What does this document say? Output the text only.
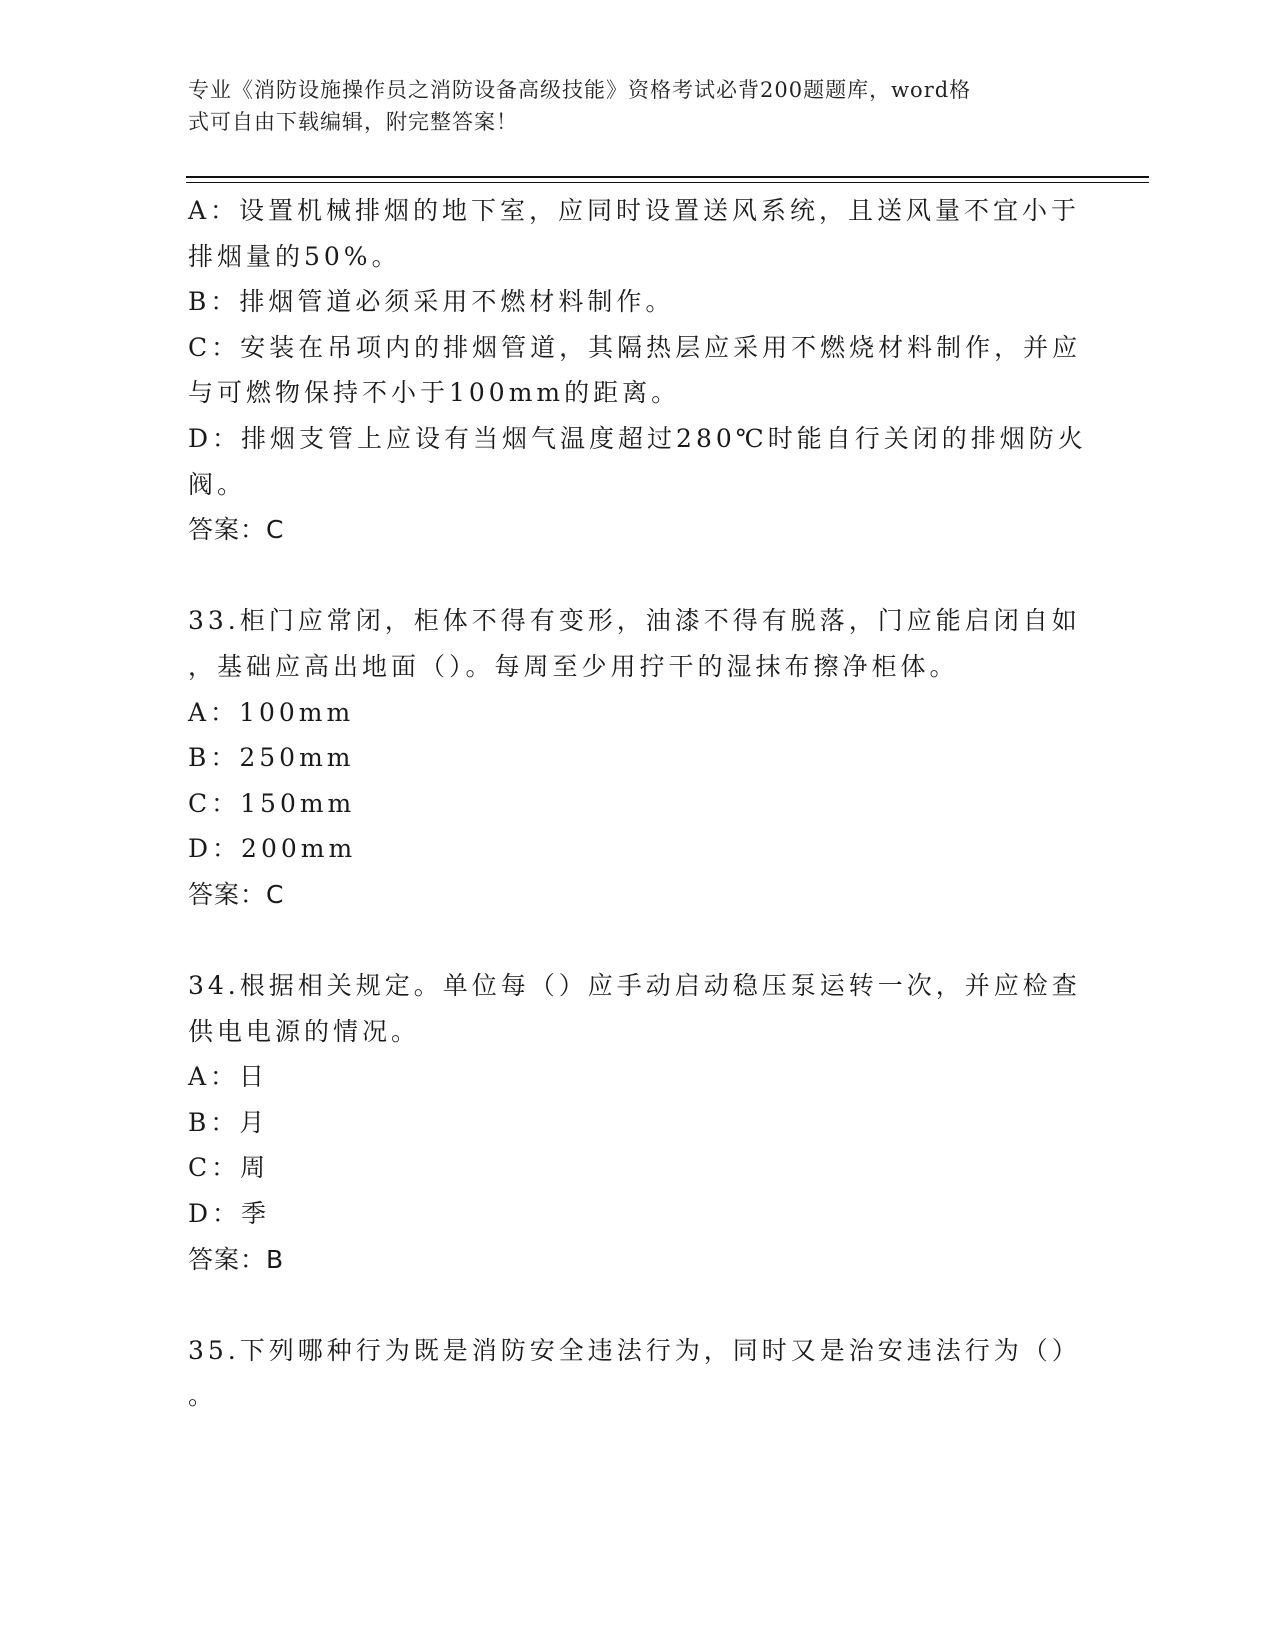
专业《消防设施操作员之消防设备高级技能》资格考试必背200题题库，word格
式可自由下载编辑，附完整答案！
A：设置机械排烟的地下室，应同时设置送风系统，且送风量不宜小于
排烟量的50%。
B：排烟管道必须采用不燃材料制作。
C：安装在吊项内的排烟管道，其隔热层应采用不燃烧材料制作，并应
与可燃物保持不小于100mm的距离。
D：排烟支管上应设有当烟气温度超过280℃时能自行关闭的排烟防火
阀。
答案：C
33.柜门应常闭，柜体不得有变形，油漆不得有脱落，门应能启闭自如
，基础应高出地面（）。每周至少用拧干的湿抹布擦净柜体。
A：100mm
B：250mm
C：150mm
D：200mm
答案：C
34.根据相关规定。单位每（）应手动启动稳压泵运转一次，并应检查
供电电源的情况。
A：日
B：月
C：周
D：季
答案：B
35.下列哪种行为既是消防安全违法行为，同时又是治安违法行为（）
。
